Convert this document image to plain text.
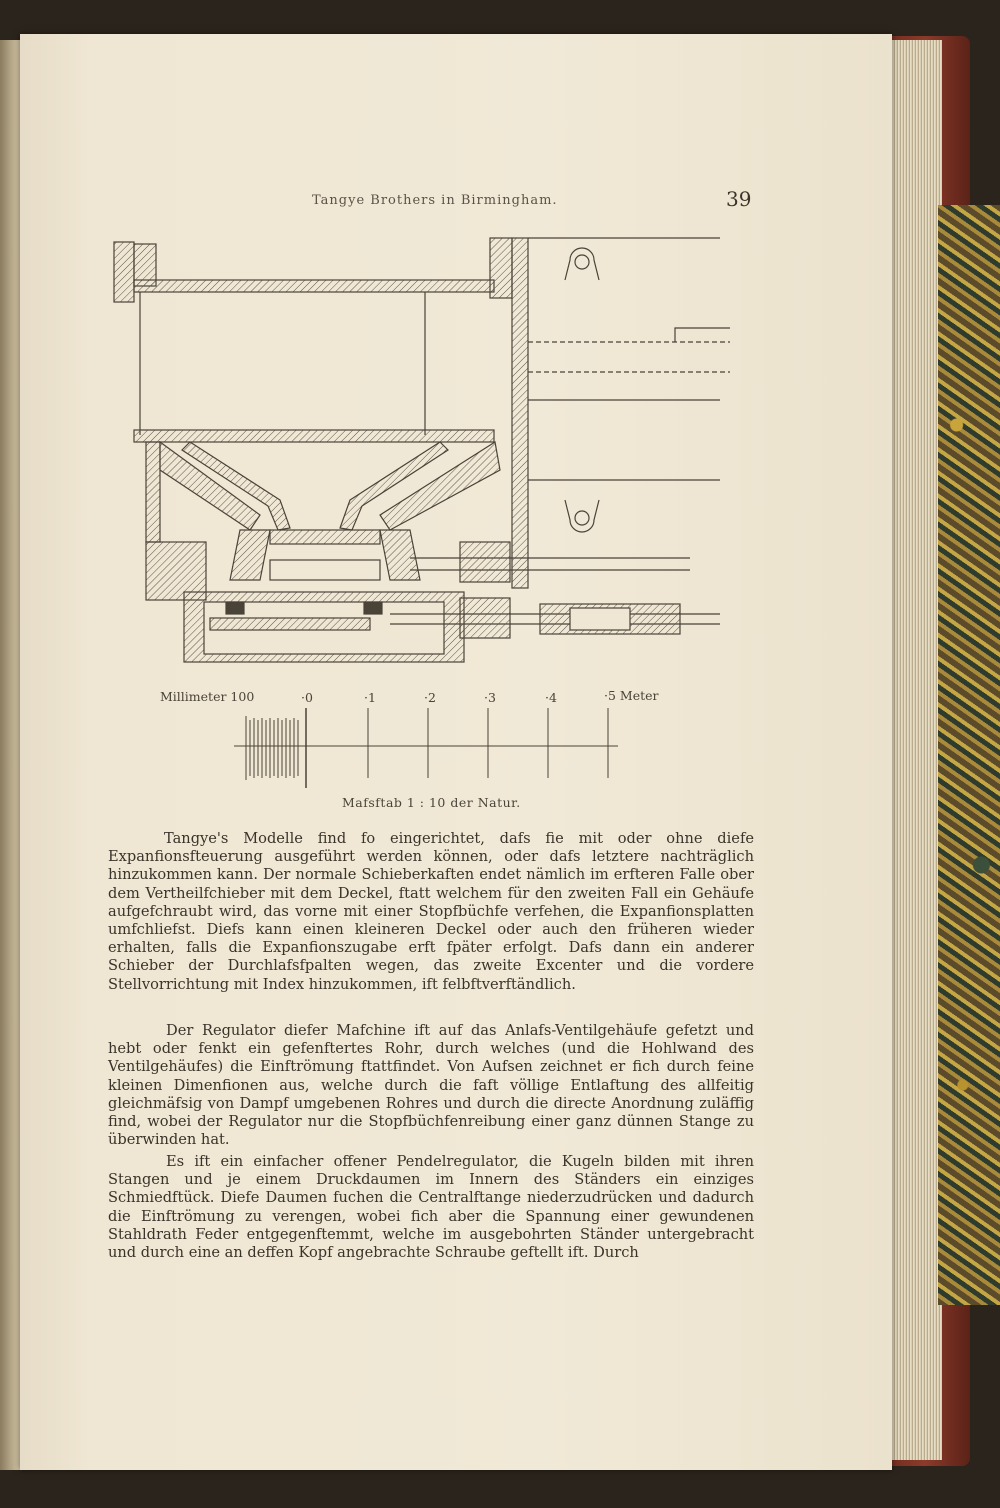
Tangye Brothers in Birmingham.	39
Millimeter 100	·0	·1	·2	·3	·4	·5 Meter
Mafsftab 1 : 10 der Natur.

Tangye's Modelle find fo eingerichtet, dafs fie mit oder ohne diefe Expanfionsfteuerung ausgeführt werden können, oder dafs letztere nachträglich hinzukommen kann. Der normale Schieberkaften endet nämlich im erfteren Falle ober dem Vertheilfchieber mit dem Deckel, ftatt welchem für den zweiten Fall ein Gehäufe aufgefchraubt wird, das vorne mit einer Stopfbüchfe verfehen, die Expanfionsplatten umfchliefst. Diefs kann einen kleineren Deckel oder auch den früheren wieder erhalten, falls die Expanfionszugabe erft fpäter erfolgt. Dafs dann ein anderer Schieber der Durchlafsfpalten wegen, das zweite Excenter und die vordere Stellvorrichtung mit Index hinzukommen, ift felbftverftändlich.

Der Regulator diefer Mafchine ift auf das Anlafs-Ventilgehäufe gefetzt und hebt oder fenkt ein gefenftertes Rohr, durch welches (und die Hohlwand des Ventilgehäufes) die Einftrömung ftattfindet. Von Aufsen zeichnet er fich durch feine kleinen Dimenfionen aus, welche durch die faft völlige Entlaftung des allfeitig gleichmäfsig von Dampf umgebenen Rohres und durch die directe Anordnung zuläffig find, wobei der Regulator nur die Stopfbüchfenreibung einer ganz dünnen Stange zu überwinden hat.

Es ift ein einfacher offener Pendelregulator, die Kugeln bilden mit ihren Stangen und je einem Druckdaumen im Innern des Ständers ein einziges Schmiedftück. Diefe Daumen fuchen die Centralftange niederzudrücken und dadurch die Einftrömung zu verengen, wobei fich aber die Spannung einer gewundenen Stahldrath Feder entgegenftemmt, welche im ausgebohrten Ständer untergebracht und durch eine an deffen Kopf angebrachte Schraube geftellt ift. Durch
